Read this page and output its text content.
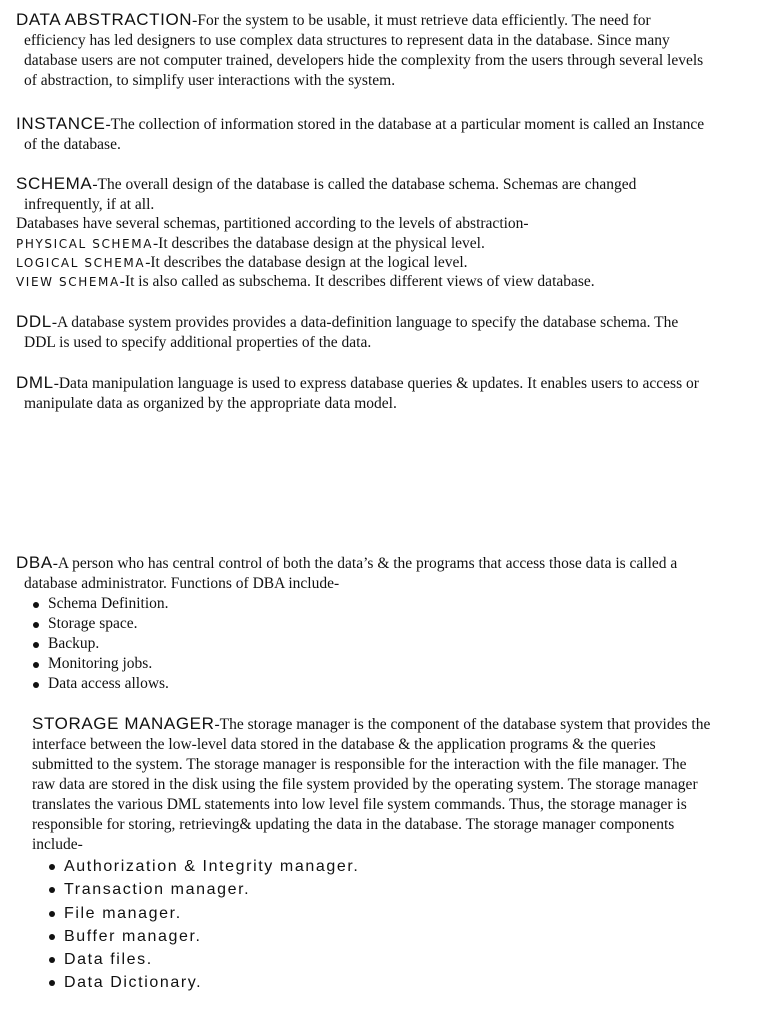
DATA ABSTRACTION-For the system to be usable, it must retrieve data efficiently. The need for efficiency has led designers to use complex data structures to represent data in the database. Since many database users are not computer trained, developers hide the complexity from the users through several levels of abstraction, to simplify user interactions with the system.

INSTANCE-The collection of information stored in the database at a particular moment is called an Instance of the database.

SCHEMA-The overall design of the database is called the database schema. Schemas are changed infrequently, if at all.

Databases have several schemas, partitioned according to the levels of abstraction-

PHYSICAL SCHEMA-It describes the database design at the physical level.

LOGICAL SCHEMA-It describes the database design at the logical level.

VIEW SCHEMA-It is also called as subschema. It describes different views of view database.

DDL-A database system provides provides a data-definition language to specify the database schema. The DDL is used to specify additional properties of the data.

DML-Data manipulation language is used to express database queries & updates. It enables users to access or manipulate data as organized by the appropriate data model.

DBA-A person who has central control of both the data’s & the programs that access those data is called a database administrator. Functions of DBA include-

Schema Definition.
Storage space.
Backup.
Monitoring jobs.
Data access allows.

STORAGE MANAGER-The storage manager is the component of the database system that provides the interface between the low-level data stored in the database & the application programs & the queries submitted to the system. The storage manager is responsible for the interaction with the file manager. The raw data are stored in the disk using the file system provided by the operating system. The storage manager translates the various DML statements into low level file system commands. Thus, the storage manager is responsible for storing, retrieving& updating the data in the database. The storage manager components include-

Authorization & Integrity manager.
Transaction manager.
File manager.
Buffer manager.
Data files.
Data Dictionary.
